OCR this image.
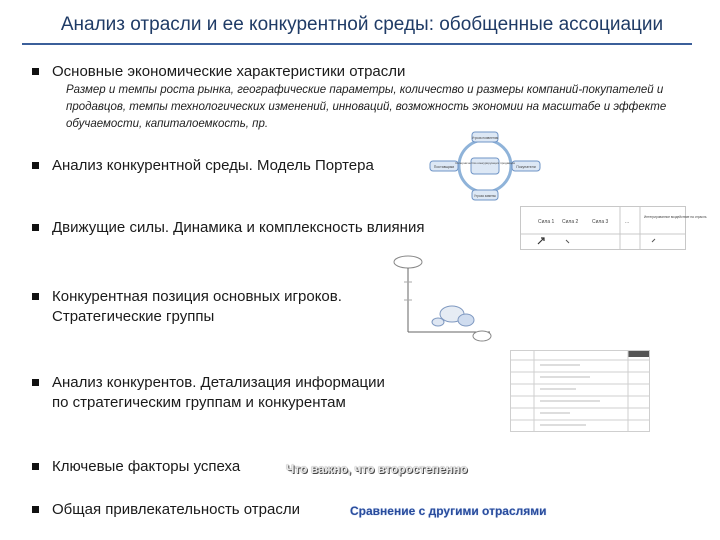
Анализ отрасли и ее конкурентной среды: обобщенные ассоциации
Основные экономические характеристики отрасли
Размер и темпы роста рынка, географические параметры, количество и размеры компаний-покупателей и продавцов, темпы технологических изменений, инноваций, возможность экономии на масштабе и эффекте обучаемости, капиталоемкость, пр.
Анализ конкурентной среды. Модель Портера	Соперничество конкурирующих продавцов
Угроза появления
Угроза замены
Поставщики	Покупатели
Движущие силы. Динамика и комплексность влияния	Сила 1 Сила 2	Сила 3	...
Интегрированное воздействие на отрасль
Конкурентная позиция основных игроков.
Стратегические группы
Анализ конкурентов. Детализация информации
по стратегическим группам и конкурентам
Ключевые факторы успеха	Что важно, что второстепенно
Общая привлекательность отрасли	Сравнение с другими отраслями
